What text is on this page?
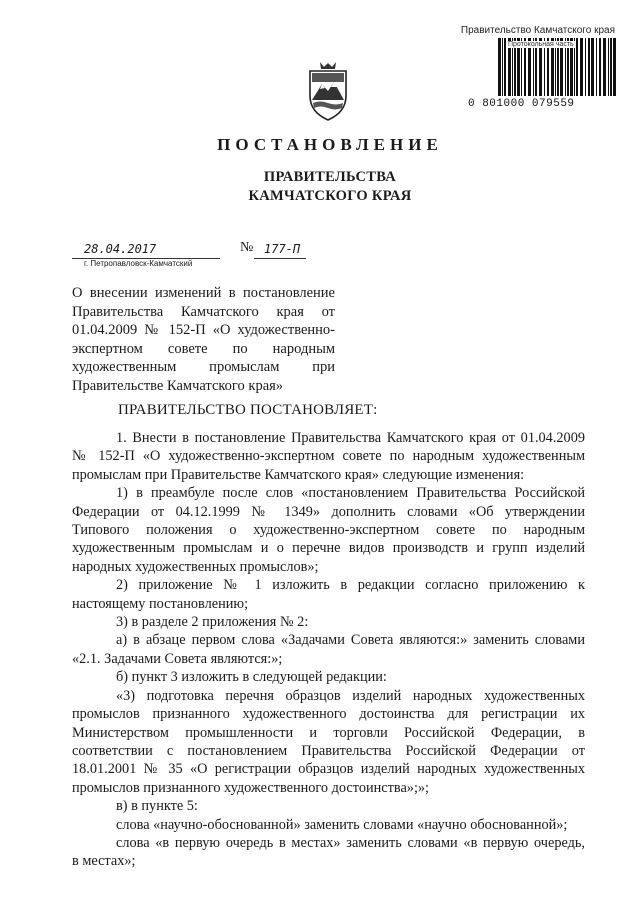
Правительство Камчатского края
Протокольная часть
0 801000 079559
ПОСТАНОВЛЕНИЕ
ПРАВИТЕЛЬСТВА
КАМЧАТСКОГО КРАЯ
28.04.2017
г. Петропавловск-Камчатский
№ 177-П
О внесении изменений в постановление
Правительства Камчатского края от
01.04.2009 № 152-П «О художественно-
экспертном совете по народным
художественным промыслам при
Правительстве Камчатского края»
ПРАВИТЕЛЬСТВО ПОСТАНОВЛЯЕТ:
1. Внести в постановление Правительства Камчатского края от 01.04.2009
№ 152-П «О художественно-экспертном совете по народным художественным
промыслам при Правительстве Камчатского края» следующие изменения:
1) в преамбуле после слов «постановлением Правительства Российской
Федерации от 04.12.1999 № 1349» дополнить словами «Об утверждении
Типового положения о художественно-экспертном совете по народным
художественным промыслам и о перечне видов производств и групп изделий
народных художественных промыслов»;
2) приложение № 1 изложить в редакции согласно приложению к
настоящему постановлению;
3) в разделе 2 приложения № 2:
а) в абзаце первом слова «Задачами Совета являются:» заменить словами
«2.1. Задачами Совета являются:»;
б) пункт 3 изложить в следующей редакции:
«3) подготовка перечня образцов изделий народных художественных
промыслов признанного художественного достоинства для регистрации их
Министерством промышленности и торговли Российской Федерации, в
соответствии с постановлением Правительства Российской Федерации от
18.01.2001 № 35 «О регистрации образцов изделий народных художественных
промыслов признанного художественного достоинства»;»;
в) в пункте 5:
слова «научно-обоснованной» заменить словами «научно обоснованной»;
слова «в первую очередь в местах» заменить словами «в первую очередь,
в местах»;
